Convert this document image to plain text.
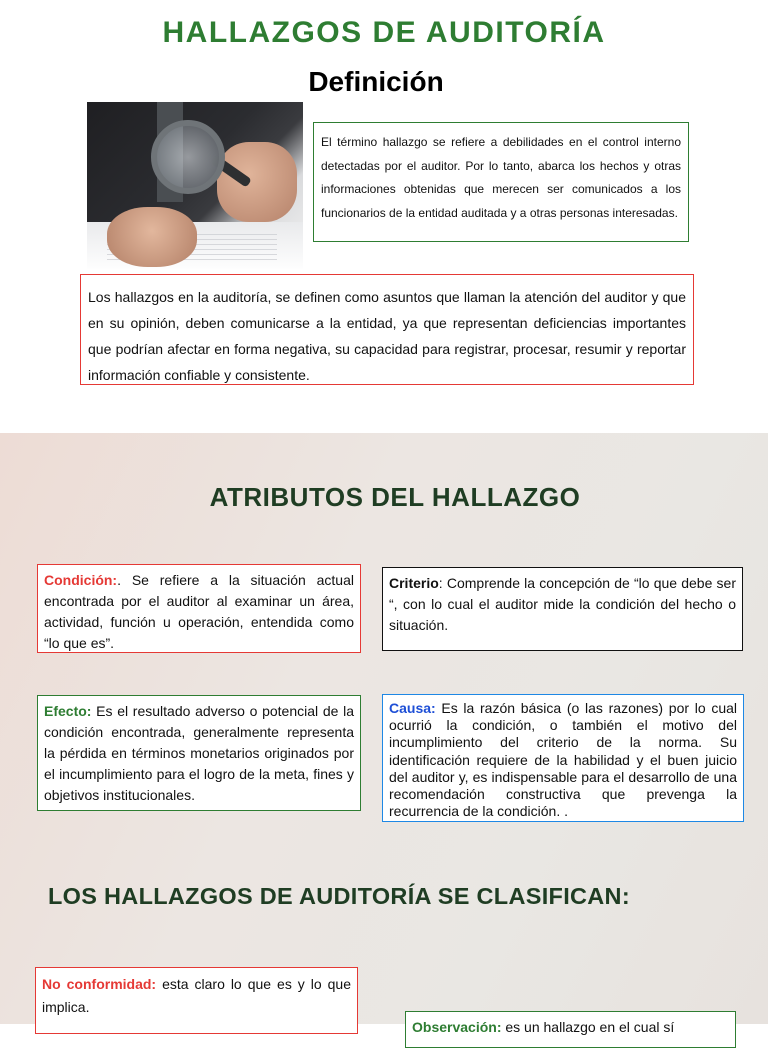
HALLAZGOS DE AUDITORÍA
Definición
El término hallazgo se refiere a debilidades en el control interno detectadas por el auditor. Por lo tanto, abarca los hechos y otras informaciones obtenidas que merecen ser comunicados a los funcionarios de la entidad auditada y a otras personas interesadas.
Los hallazgos en la auditoría, se definen como asuntos que llaman la atención del auditor y que en su opinión, deben comunicarse a la entidad, ya que representan deficiencias importantes que podrían afectar en forma negativa, su capacidad para registrar, procesar, resumir y reportar información confiable y consistente.
ATRIBUTOS DEL HALLAZGO
Condición:. Se refiere a la situación actual encontrada por el auditor al examinar un área, actividad, función u operación, entendida como “lo que es”.
Criterio: Comprende la concepción de “lo que debe ser “, con lo cual el auditor mide la condición del hecho o situación.
Efecto: Es el resultado adverso o potencial de la condición encontrada, generalmente representa la pérdida en términos monetarios originados por el incumplimiento para el logro de la meta, fines y objetivos institucionales.
Causa: Es la razón básica (o las razones) por lo cual ocurrió la condición, o también el motivo del incumplimiento del criterio de la norma. Su identificación requiere de la habilidad y el buen juicio del auditor y, es indispensable para el desarrollo de una recomendación constructiva que prevenga la recurrencia de la condición. .
LOS HALLAZGOS DE AUDITORÍA SE CLASIFICAN:
No conformidad: esta claro lo que es y lo que implica.
Observación: es un hallazgo en el cual sí
